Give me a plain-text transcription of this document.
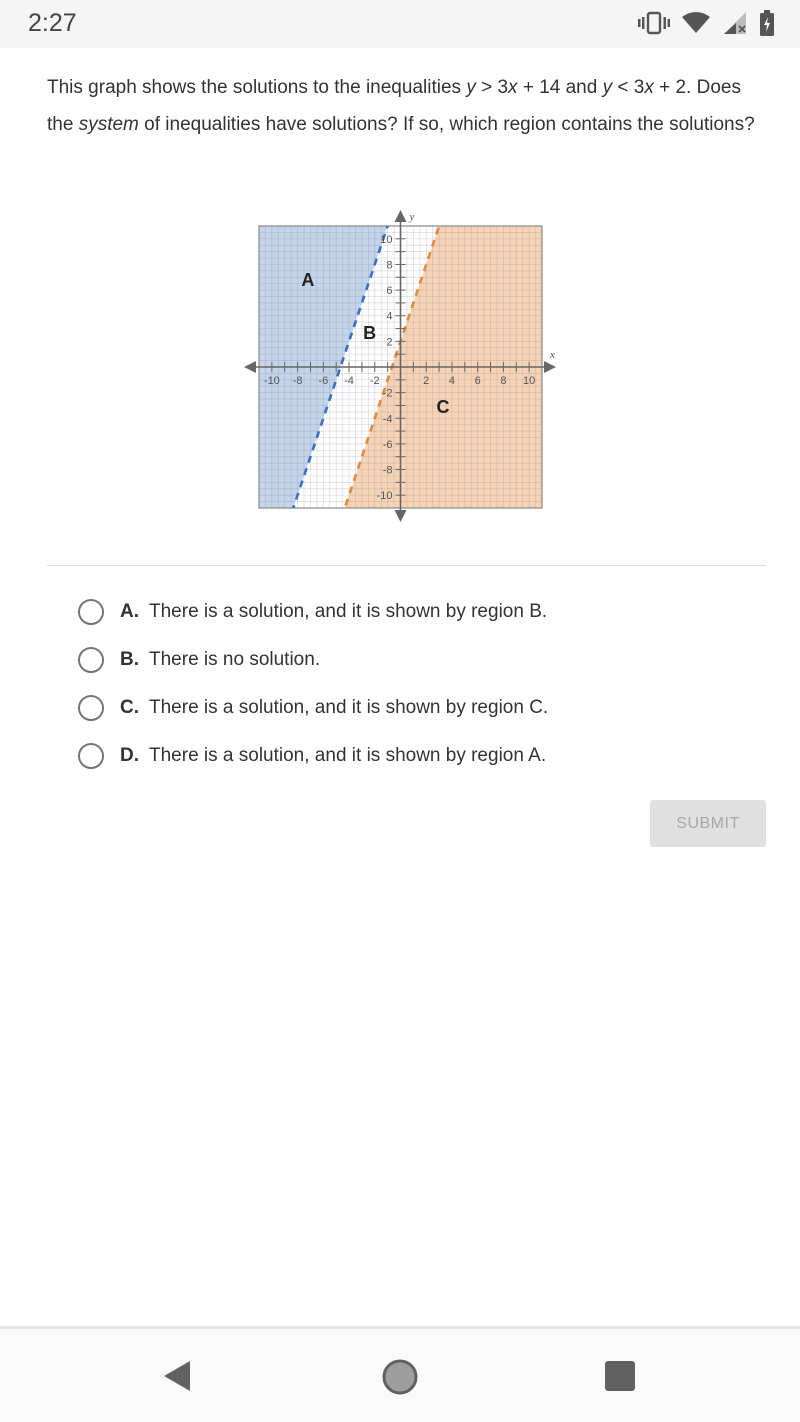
2:27
This graph shows the solutions to the inequalities y > 3x + 14 and y < 3x + 2. Does the system of inequalities have solutions? If so, which region contains the solutions?
-10 -8 -6 -4 -2	2 4 6 8 10
10
8
6
4
2
-2
-4
-6
-8
-10
x
y
A
B
C
A. There is a solution, and it is shown by region B.
B. There is no solution.
C. There is a solution, and it is shown by region C.
D. There is a solution, and it is shown by region A.
SUBMIT
